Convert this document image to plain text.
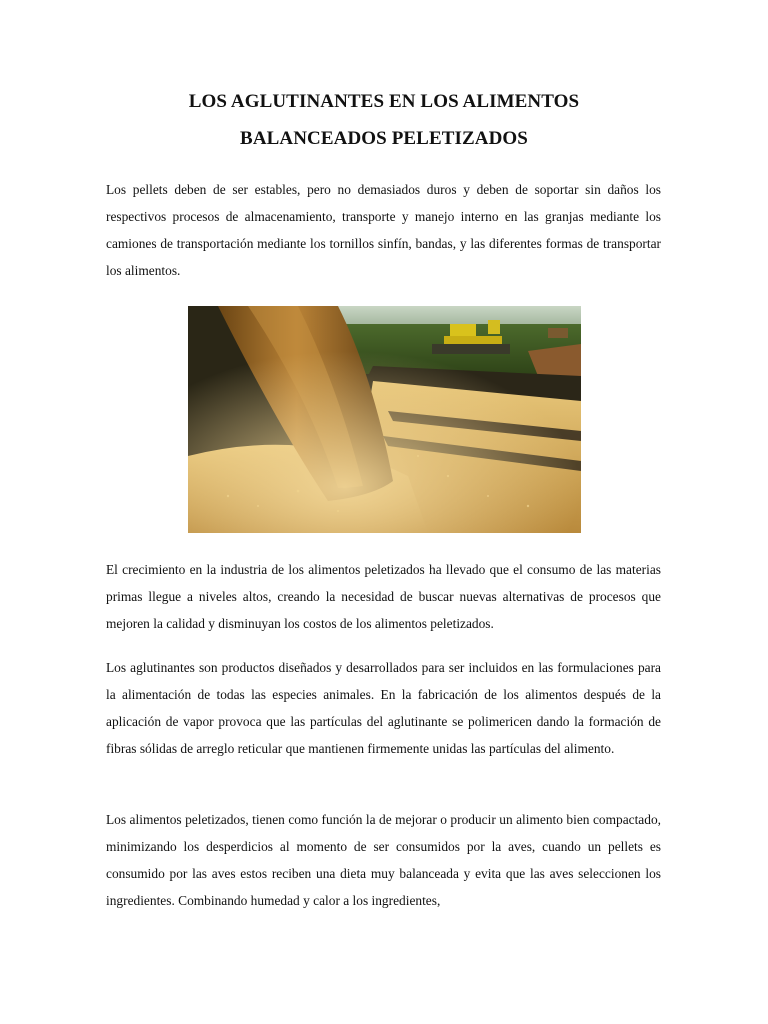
LOS AGLUTINANTES EN LOS ALIMENTOS
BALANCEADOS PELETIZADOS

Los pellets deben de ser estables, pero no demasiados duros y deben de soportar sin daños los respectivos procesos de almacenamiento, transporte y manejo interno en las granjas mediante los camiones de transportación mediante los tornillos sinfín, bandas, y las diferentes formas de transportar los alimentos.

El crecimiento en la industria de los alimentos peletizados ha llevado que el consumo de las materias primas llegue a niveles altos, creando la necesidad de buscar nuevas alternativas de procesos que mejoren la calidad y disminuyan los costos de los alimentos peletizados.

Los aglutinantes son productos diseñados y desarrollados para ser incluidos en las formulaciones para la alimentación de todas las especies animales. En la fabricación de los alimentos después de la aplicación de vapor provoca que las partículas del aglutinante se polimericen dando la formación de fibras sólidas de arreglo reticular que mantienen firmemente unidas las partículas del alimento.

Los alimentos peletizados, tienen como función la de mejorar o producir un alimento bien compactado, minimizando los desperdicios al momento de ser consumidos por la aves, cuando un pellets es consumido por las aves estos reciben una dieta muy balanceada y evita que las aves seleccionen los ingredientes. Combinando humedad y calor a los ingredientes,
